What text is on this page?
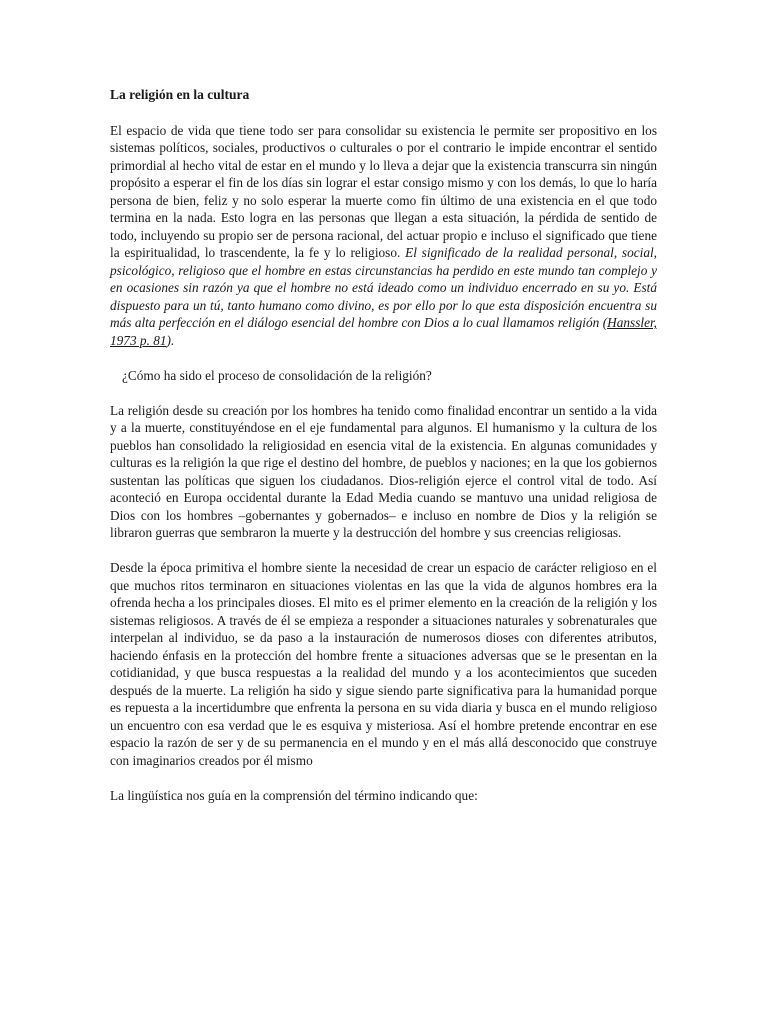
La religión en la cultura

El espacio de vida que tiene todo ser para consolidar su existencia le permite ser propositivo en los sistemas políticos, sociales, productivos o culturales o por el contrario le impide encontrar el sentido primordial al hecho vital de estar en el mundo y lo lleva a dejar que la existencia transcurra sin ningún propósito a esperar el fin de los días sin lograr el estar consigo mismo y con los demás, lo que lo haría persona de bien, feliz y no solo esperar la muerte como fin último de una existencia en el que todo termina en la nada. Esto logra en las personas que llegan a esta situación, la pérdida de sentido de todo, incluyendo su propio ser de persona racional, del actuar propio e incluso el significado que tiene la espiritualidad, lo trascendente, la fe y lo religioso. El significado de la realidad personal, social, psicológico, religioso que el hombre en estas circunstancias ha perdido en este mundo tan complejo y en ocasiones sin razón ya que el hombre no está ideado como un individuo encerrado en su yo. Está dispuesto para un tú, tanto humano como divino, es por ello por lo que esta disposición encuentra su más alta perfección en el diálogo esencial del hombre con Dios a lo cual llamamos religión (Hanssler, 1973 p. 81).

¿Cómo ha sido el proceso de consolidación de la religión?

La religión desde su creación por los hombres ha tenido como finalidad encontrar un sentido a la vida y a la muerte, constituyéndose en el eje fundamental para algunos. El humanismo y la cultura de los pueblos han consolidado la religiosidad en esencia vital de la existencia. En algunas comunidades y culturas es la religión la que rige el destino del hombre, de pueblos y naciones; en la que los gobiernos sustentan las políticas que siguen los ciudadanos. Dios-religión ejerce el control vital de todo. Así aconteció en Europa occidental durante la Edad Media cuando se mantuvo una unidad religiosa de Dios con los hombres –gobernantes y gobernados– e incluso en nombre de Dios y la religión se libraron guerras que sembraron la muerte y la destrucción del hombre y sus creencias religiosas.

Desde la época primitiva el hombre siente la necesidad de crear un espacio de carácter religioso en el que muchos ritos terminaron en situaciones violentas en las que la vida de algunos hombres era la ofrenda hecha a los principales dioses. El mito es el primer elemento en la creación de la religión y los sistemas religiosos. A través de él se empieza a responder a situaciones naturales y sobrenaturales que interpelan al individuo, se da paso a la instauración de numerosos dioses con diferentes atributos, haciendo énfasis en la protección del hombre frente a situaciones adversas que se le presentan en la cotidianidad, y que busca respuestas a la realidad del mundo y a los acontecimientos que suceden después de la muerte. La religión ha sido y sigue siendo parte significativa para la humanidad porque es repuesta a la incertidumbre que enfrenta la persona en su vida diaria y busca en el mundo religioso un encuentro con esa verdad que le es esquiva y misteriosa. Así el hombre pretende encontrar en ese espacio la razón de ser y de su permanencia en el mundo y en el más allá desconocido que construye con imaginarios creados por él mismo

La lingüística nos guía en la comprensión del término indicando que:
